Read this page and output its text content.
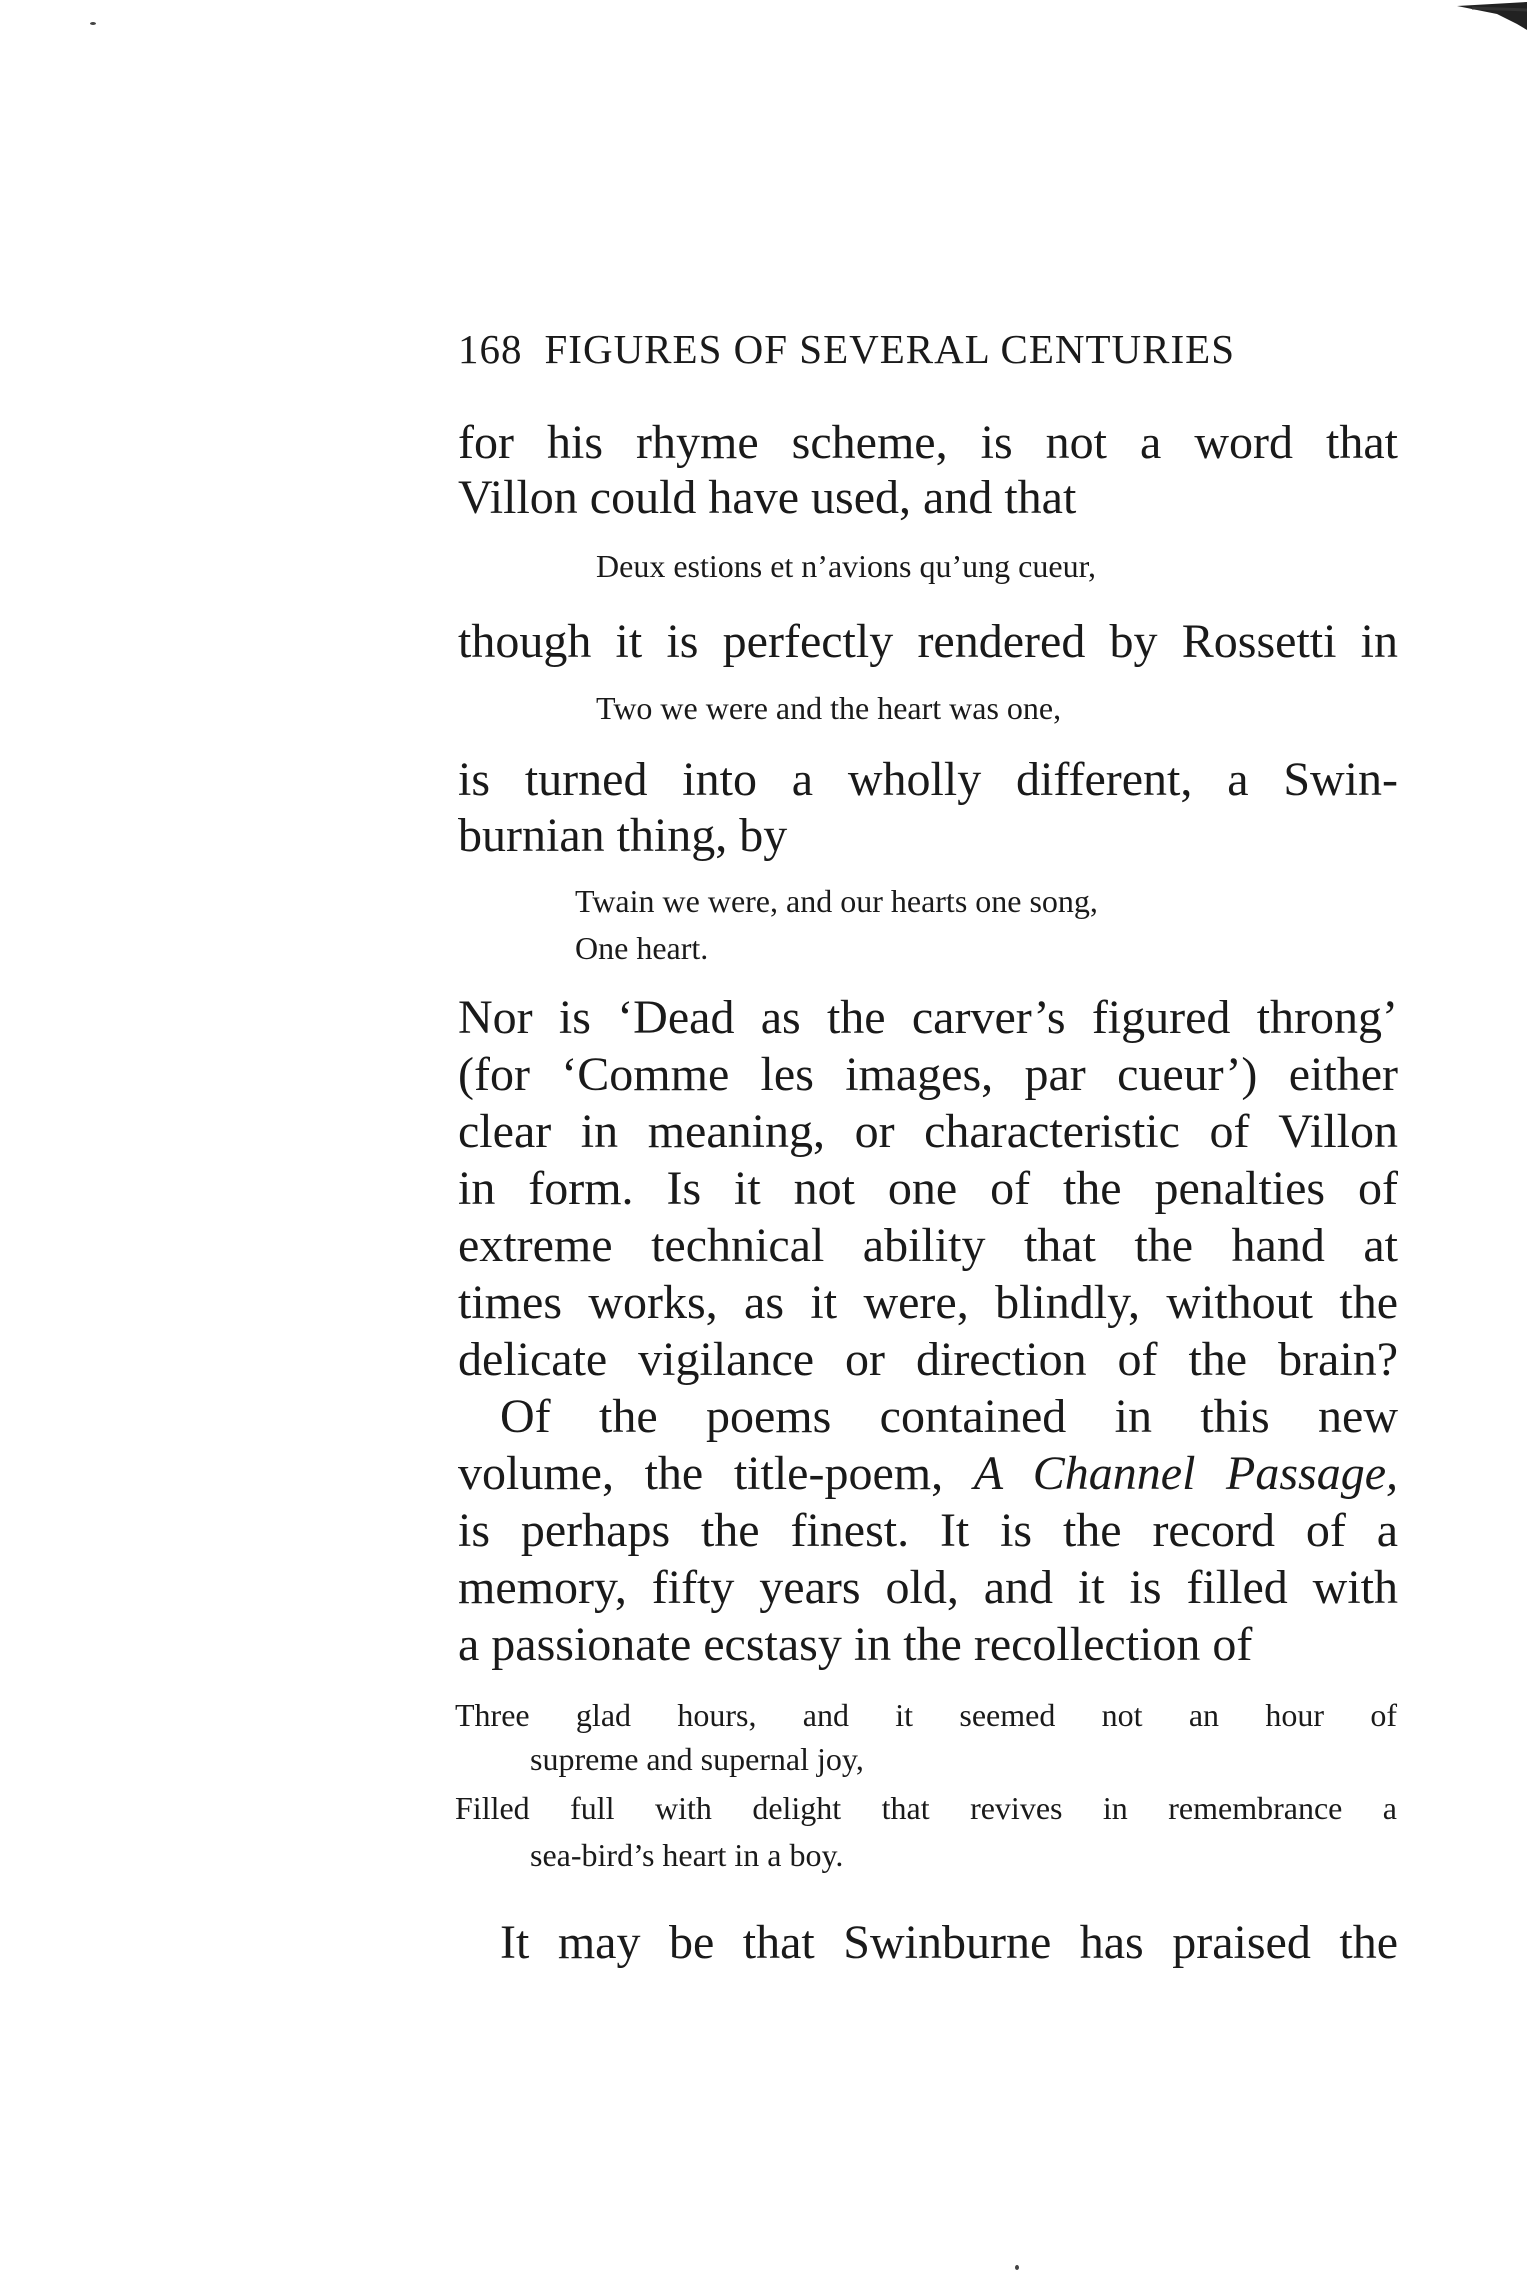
168 FIGURES OF SEVERAL CENTURIES
for his rhyme scheme, is not a word that
Villon could have used, and that
Deux estions et n’avions qu’ung cueur,
though it is perfectly rendered by Rossetti in
Two we were and the heart was one,
is turned into a wholly different, a Swin-
burnian thing, by
Twain we were, and our hearts one song,
One heart.
Nor is ‘Dead as the carver’s figured throng’
(for ‘Comme les images, par cueur’) either
clear in meaning, or characteristic of Villon
in form. Is it not one of the penalties of
extreme technical ability that the hand at
times works, as it were, blindly, without the
delicate vigilance or direction of the brain?
Of the poems contained in this new
volume, the title-poem, A Channel Passage,
is perhaps the finest. It is the record of a
memory, fifty years old, and it is filled with
a passionate ecstasy in the recollection of
Three glad hours, and it seemed not an hour of
supreme and supernal joy,
Filled full with delight that revives in remembrance a
sea-bird’s heart in a boy.
It may be that Swinburne has praised the
